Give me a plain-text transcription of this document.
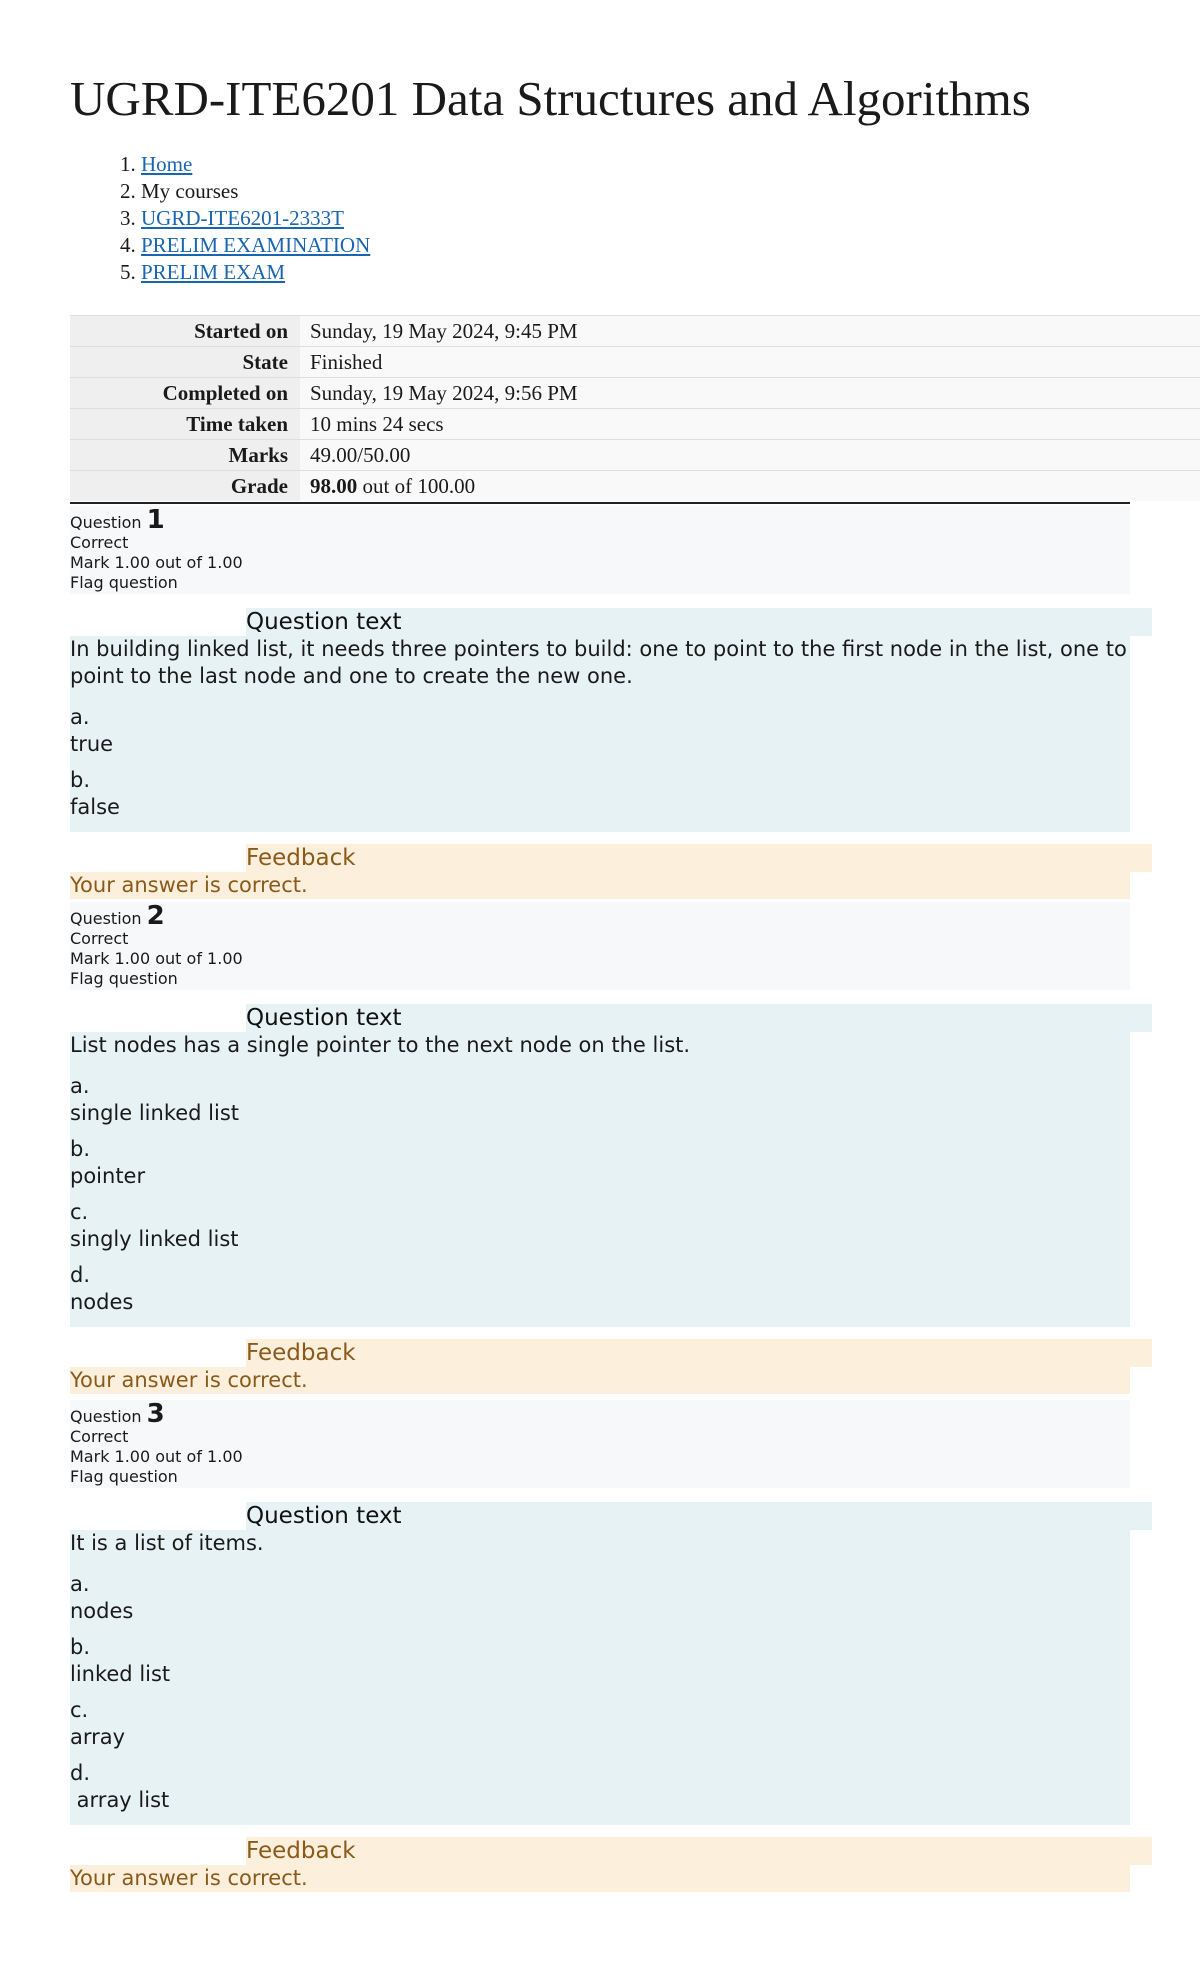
UGRD-ITE6201 Data Structures and Algorithms
1. Home
2. My courses
3. UGRD-ITE6201-2333T
4. PRELIM EXAMINATION
5. PRELIM EXAM
Started on	Sunday, 19 May 2024, 9:45 PM
State	Finished
Completed on	Sunday, 19 May 2024, 9:56 PM
Time taken	10 mins 24 secs
Marks	49.00/50.00
Grade	98.00 out of 100.00
Question 1
Correct
Mark 1.00 out of 1.00
Flag question
Question text
In building linked list, it needs three pointers to build: one to point to the first node in the list, one to point to the last node and one to create the new one.
a.
true
b.
false
Feedback
Your answer is correct.
Question 2
Correct
Mark 1.00 out of 1.00
Flag question
Question text
List nodes has a single pointer to the next node on the list.
a.
single linked list
b.
pointer
c.
singly linked list
d.
nodes
Feedback
Your answer is correct.
Question 3
Correct
Mark 1.00 out of 1.00
Flag question
Question text
It is a list of items.
a.
nodes
b.
linked list
c.
array
d.
array list
Feedback
Your answer is correct.
